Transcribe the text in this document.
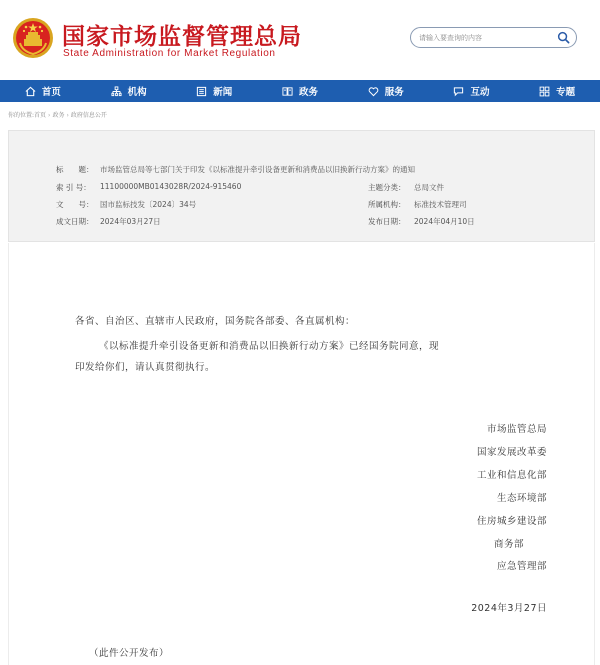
国家市场监督管理总局
State Administration for Market Regulation
请输入要查询的内容
首页	机构	新闻	政务	服务	互动	专题
你的位置:首页 › 政务 › 政府信息公开
标　　题： 市场监管总局等七部门关于印发《以标准提升牵引设备更新和消费品以旧换新行动方案》的通知
索 引 号： 11100000MB0143028R/2024-915460	主题分类： 总局文件
文　　号： 国市监标技发〔2024〕34号	所属机构： 标准技术管理司
成文日期： 2024年03月27日	发布日期： 2024年04月10日
各省、自治区、直辖市人民政府，国务院各部委、各直属机构：
《以标准提升牵引设备更新和消费品以旧换新行动方案》已经国务院同意，现
印发给你们，请认真贯彻执行。
市场监管总局
国家发展改革委
工业和信息化部
生态环境部
住房城乡建设部
商务部
应急管理部
2024年3月27日
（此件公开发布）
